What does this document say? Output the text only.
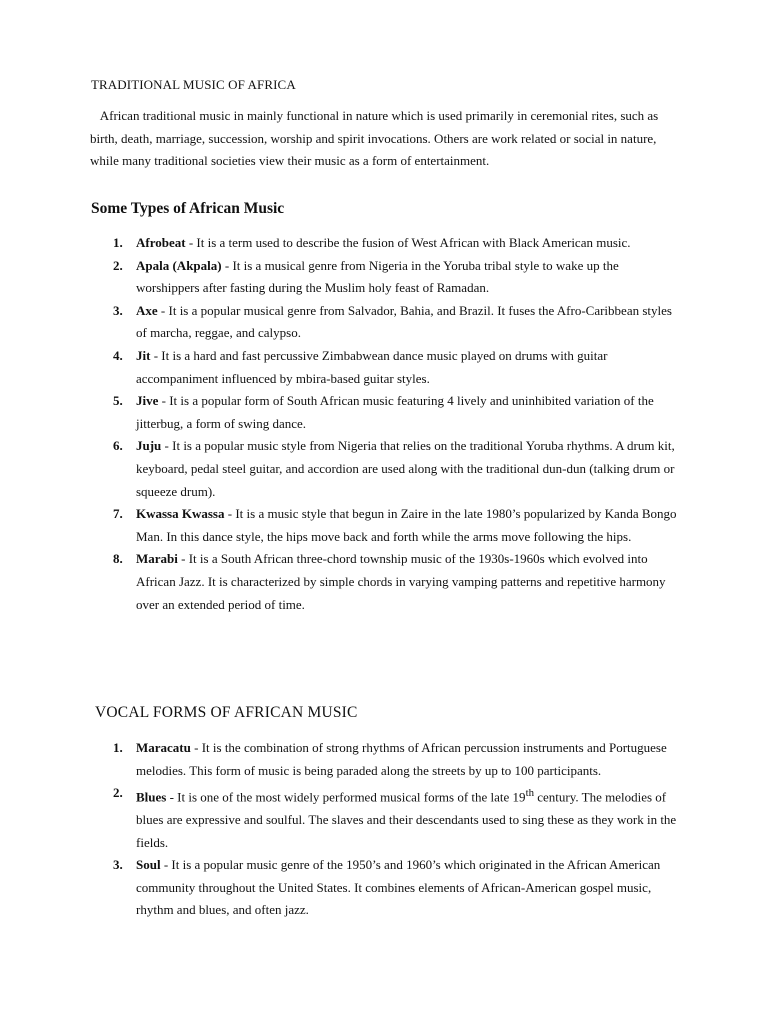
TRADITIONAL MUSIC OF AFRICA

African traditional music in mainly functional in nature which is used primarily in ceremonial rites, such as birth, death, marriage, succession, worship and spirit invocations. Others are work related or social in nature, while many traditional societies view their music as a form of entertainment.

Some Types of African Music
1. Afrobeat - It is a term used to describe the fusion of West African with Black American music.
2. Apala (Akpala) - It is a musical genre from Nigeria in the Yoruba tribal style to wake up the worshippers after fasting during the Muslim holy feast of Ramadan.
3. Axe - It is a popular musical genre from Salvador, Bahia, and Brazil. It fuses the Afro-Caribbean styles of marcha, reggae, and calypso.
4. Jit - It is a hard and fast percussive Zimbabwean dance music played on drums with guitar accompaniment influenced by mbira-based guitar styles.
5. Jive - It is a popular form of South African music featuring 4 lively and uninhibited variation of the jitterbug, a form of swing dance.
6. Juju - It is a popular music style from Nigeria that relies on the traditional Yoruba rhythms. A drum kit, keyboard, pedal steel guitar, and accordion are used along with the traditional dun-dun (talking drum or squeeze drum).
7. Kwassa Kwassa - It is a music style that begun in Zaire in the late 1980’s popularized by Kanda Bongo Man. In this dance style, the hips move back and forth while the arms move following the hips.
8. Marabi - It is a South African three-chord township music of the 1930s-1960s which evolved into African Jazz. It is characterized by simple chords in varying vamping patterns and repetitive harmony over an extended period of time.
VOCAL FORMS OF AFRICAN MUSIC
1. Maracatu - It is the combination of strong rhythms of African percussion instruments and Portuguese melodies. This form of music is being paraded along the streets by up to 100 participants.
2. Blues - It is one of the most widely performed musical forms of the late 19th century. The melodies of blues are expressive and soulful. The slaves and their descendants used to sing these as they work in the fields.
3. Soul - It is a popular music genre of the 1950’s and 1960’s which originated in the African American community throughout the United States. It combines elements of African-American gospel music, rhythm and blues, and often jazz.
